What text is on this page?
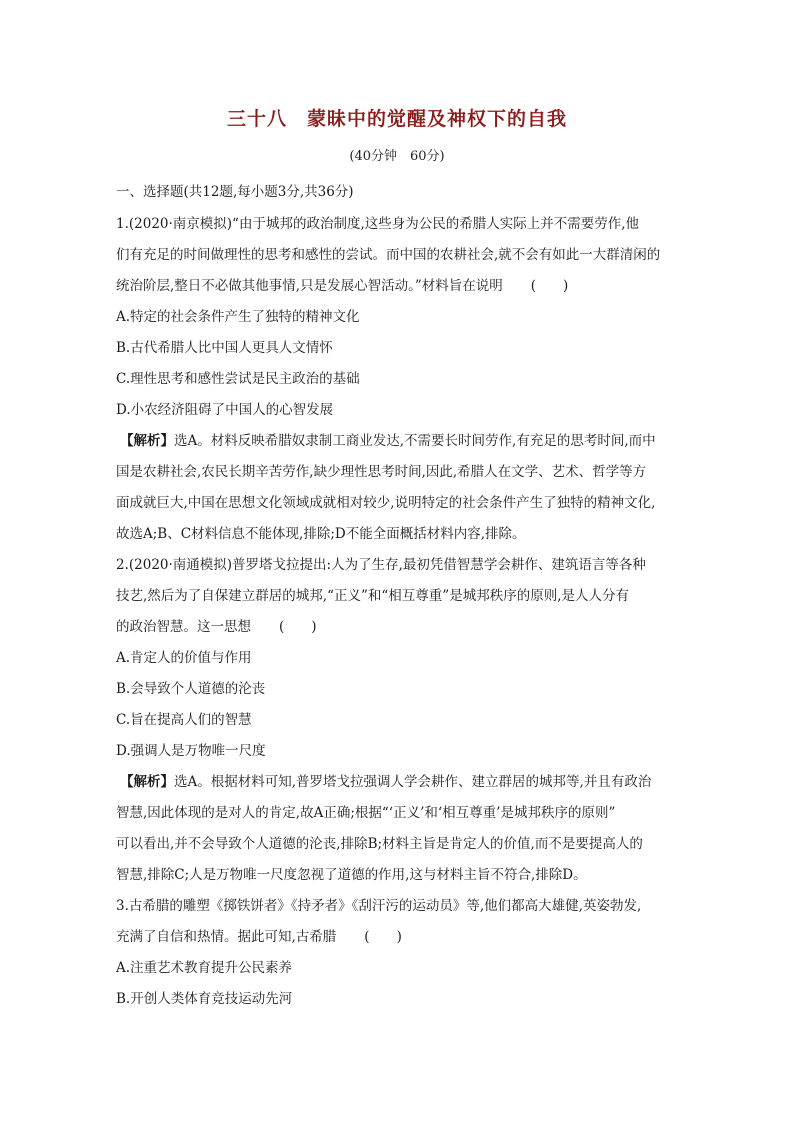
三十八　蒙昧中的觉醒及神权下的自我
(40分钟　60分)
一、选择题(共12题,每小题3分,共36分)
1.(2020·南京模拟)“由于城邦的政治制度,这些身为公民的希腊人实际上并不需要劳作,他
们有充足的时间做理性的思考和感性的尝试。而中国的农耕社会,就不会有如此一大群清闲的
统治阶层,整日不必做其他事情,只是发展心智活动。”材料旨在说明 (　　)
A.特定的社会条件产生了独特的精神文化
B.古代希腊人比中国人更具人文情怀
C.理性思考和感性尝试是民主政治的基础
D.小农经济阻碍了中国人的心智发展
【解析】选A。材料反映希腊奴隶制工商业发达,不需要长时间劳作,有充足的思考时间,而中
国是农耕社会,农民长期辛苦劳作,缺少理性思考时间,因此,希腊人在文学、艺术、哲学等方
面成就巨大,中国在思想文化领域成就相对较少,说明特定的社会条件产生了独特的精神文化,
故选A;B、C材料信息不能体现,排除;D不能全面概括材料内容,排除。
2.(2020·南通模拟)普罗塔戈拉提出:人为了生存,最初凭借智慧学会耕作、建筑语言等各种
技艺,然后为了自保建立群居的城邦,“正义”和“相互尊重”是城邦秩序的原则,是人人分有
的政治智慧。这一思想 (　　)
A.肯定人的价值与作用
B.会导致个人道德的沦丧
C.旨在提高人们的智慧
D.强调人是万物唯一尺度
【解析】选A。根据材料可知,普罗塔戈拉强调人学会耕作、建立群居的城邦等,并且有政治
智慧,因此体现的是对人的肯定,故A正确;根据“‘正义’和‘相互尊重’是城邦秩序的原则”
可以看出,并不会导致个人道德的沦丧,排除B;材料主旨是肯定人的价值,而不是要提高人的
智慧,排除C;人是万物唯一尺度忽视了道德的作用,这与材料主旨不符合,排除D。
3.古希腊的雕塑《掷铁饼者》《持矛者》《刮汗污的运动员》等,他们都高大雄健,英姿勃发,
充满了自信和热情。据此可知,古希腊 (　　)
A.注重艺术教育提升公民素养
B.开创人类体育竞技运动先河
